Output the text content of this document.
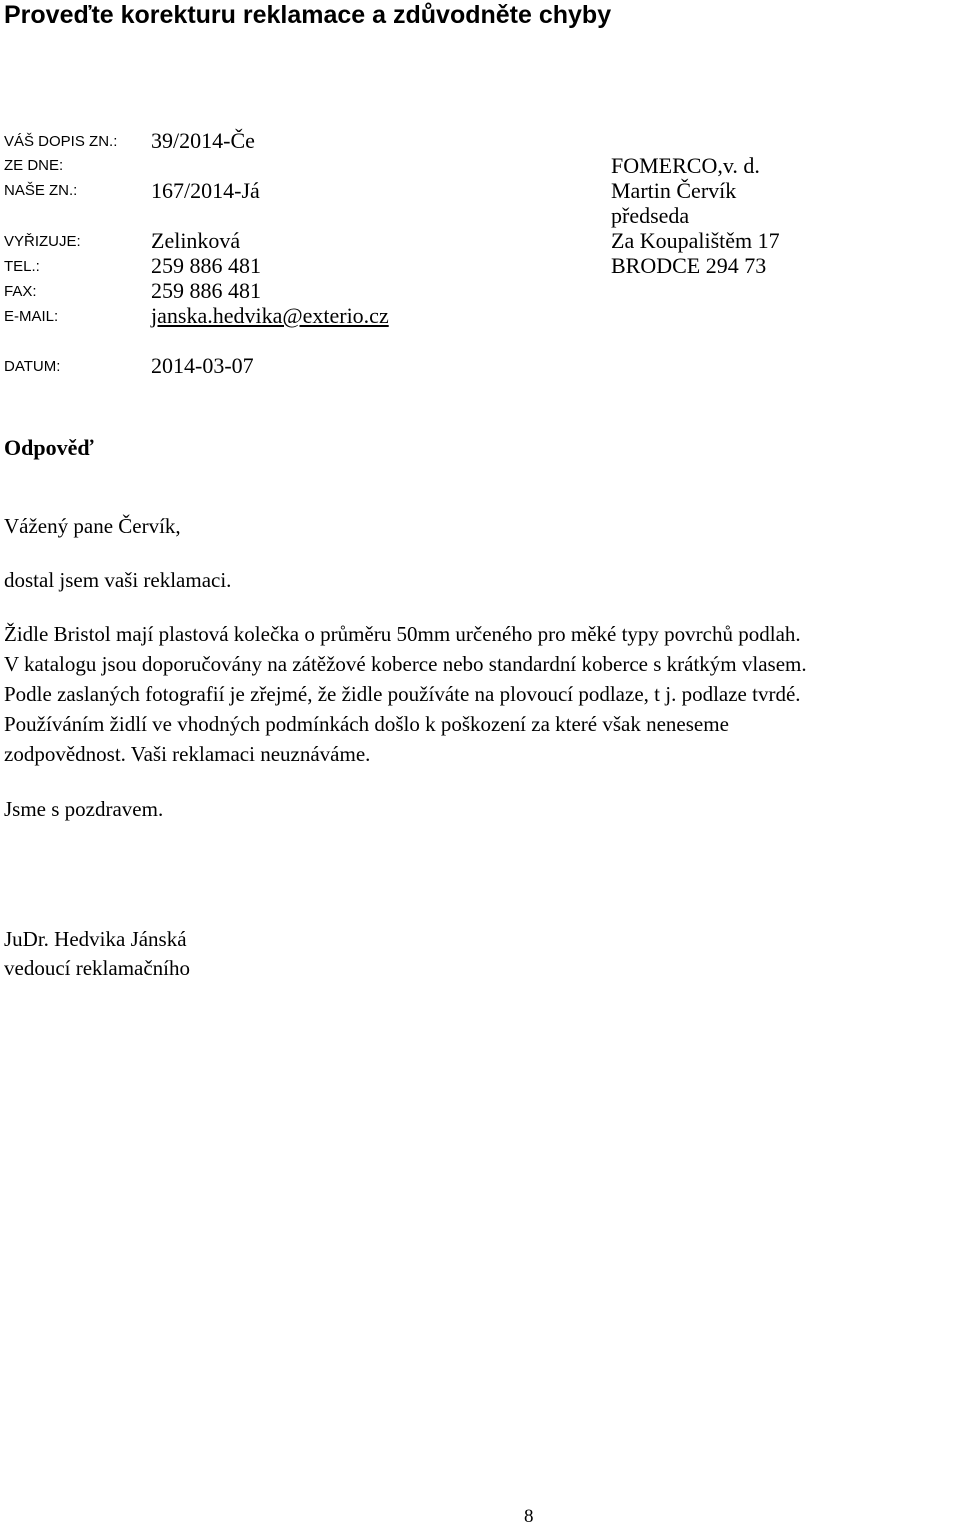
Proveďte korekturu reklamace a zdůvodněte chyby
VÁŠ DOPIS ZN.:
ZE DNE:
NAŠE ZN.:
VYŘIZUJE:
TEL.:
FAX:
E-MAIL:
DATUM:
39/2014-Če
167/2014-Já
Zelinková
259 886 481
259 886 481
janska.hedvika@exterio.cz
2014-03-07
FOMERCO,v. d.
Martin Červík
předseda
Za Koupalištěm 17
BRODCE 294 73
Odpověď
Vážený pane Červík,
dostal jsem vaši reklamaci.
Židle Bristol mají plastová kolečka o průměru 50mm určeného pro měké typy povrchů podlah.
V katalogu jsou doporučovány na zátěžové koberce nebo standardní koberce s krátkým vlasem.
Podle zaslaných fotografií je zřejmé, že židle používáte na plovoucí podlaze, t j. podlaze tvrdé.
Používáním židlí ve vhodných podmínkách došlo k poškození za které však neneseme
zodpovědnost. Vaši reklamaci neuznáváme.
Jsme s pozdravem.
JuDr. Hedvika Jánská
vedoucí reklamačního
8
